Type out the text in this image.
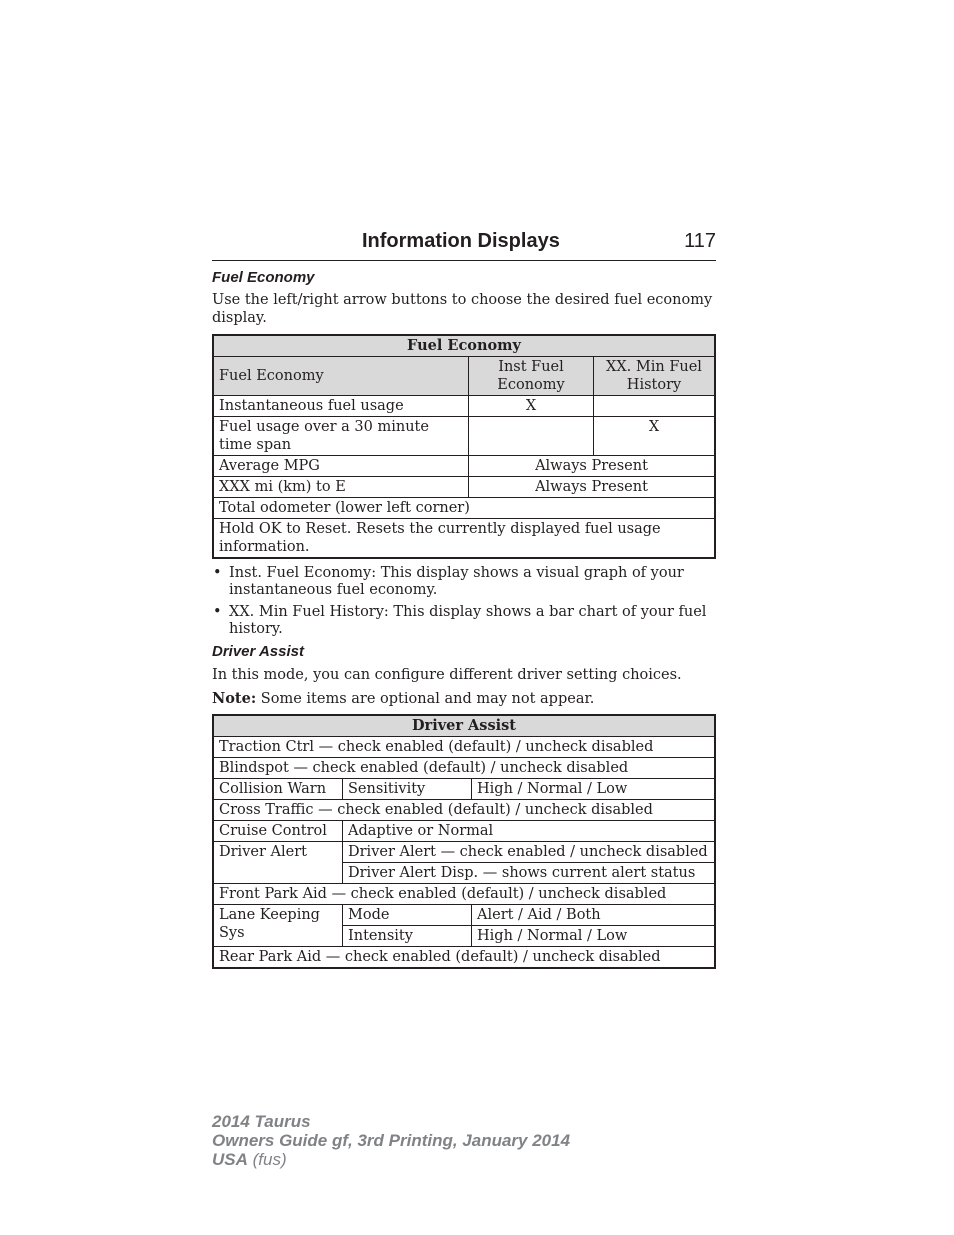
Information Displays	117
Fuel Economy

Use the left/right arrow buttons to choose the desired fuel economy display.

Fuel Economy		
Fuel Economy	Inst Fuel Economy	XX. Min Fuel History
Instantaneous fuel usage	X	
Fuel usage over a 30 minute time span		X
Average MPG	Always Present	
XXX mi (km) to E	Always Present	
Total odometer (lower left corner)		
Hold OK to Reset. Resets the currently displayed fuel usage information.		
• Inst. Fuel Economy: This display shows a visual graph of your instantaneous fuel economy.
• XX. Min Fuel History: This display shows a bar chart of your fuel history.
Driver Assist

In this mode, you can configure different driver setting choices.

Note: Some items are optional and may not appear.

Driver Assist		
Traction Ctrl — check enabled (default) / uncheck disabled		
Blindspot — check enabled (default) / uncheck disabled		
Collision Warn	Sensitivity	High / Normal / Low
Cross Traffic — check enabled (default) / uncheck disabled		
Cruise Control	Adaptive or Normal	
Driver Alert	Driver Alert — check enabled / uncheck disabled	
	Driver Alert Disp. — shows current alert status	
Front Park Aid — check enabled (default) / uncheck disabled		
Lane Keeping Sys	Mode	Alert / Aid / Both
	Intensity	High / Normal / Low
Rear Park Aid — check enabled (default) / uncheck disabled		
2014 Taurus
Owners Guide gf, 3rd Printing, January 2014
USA (fus)
